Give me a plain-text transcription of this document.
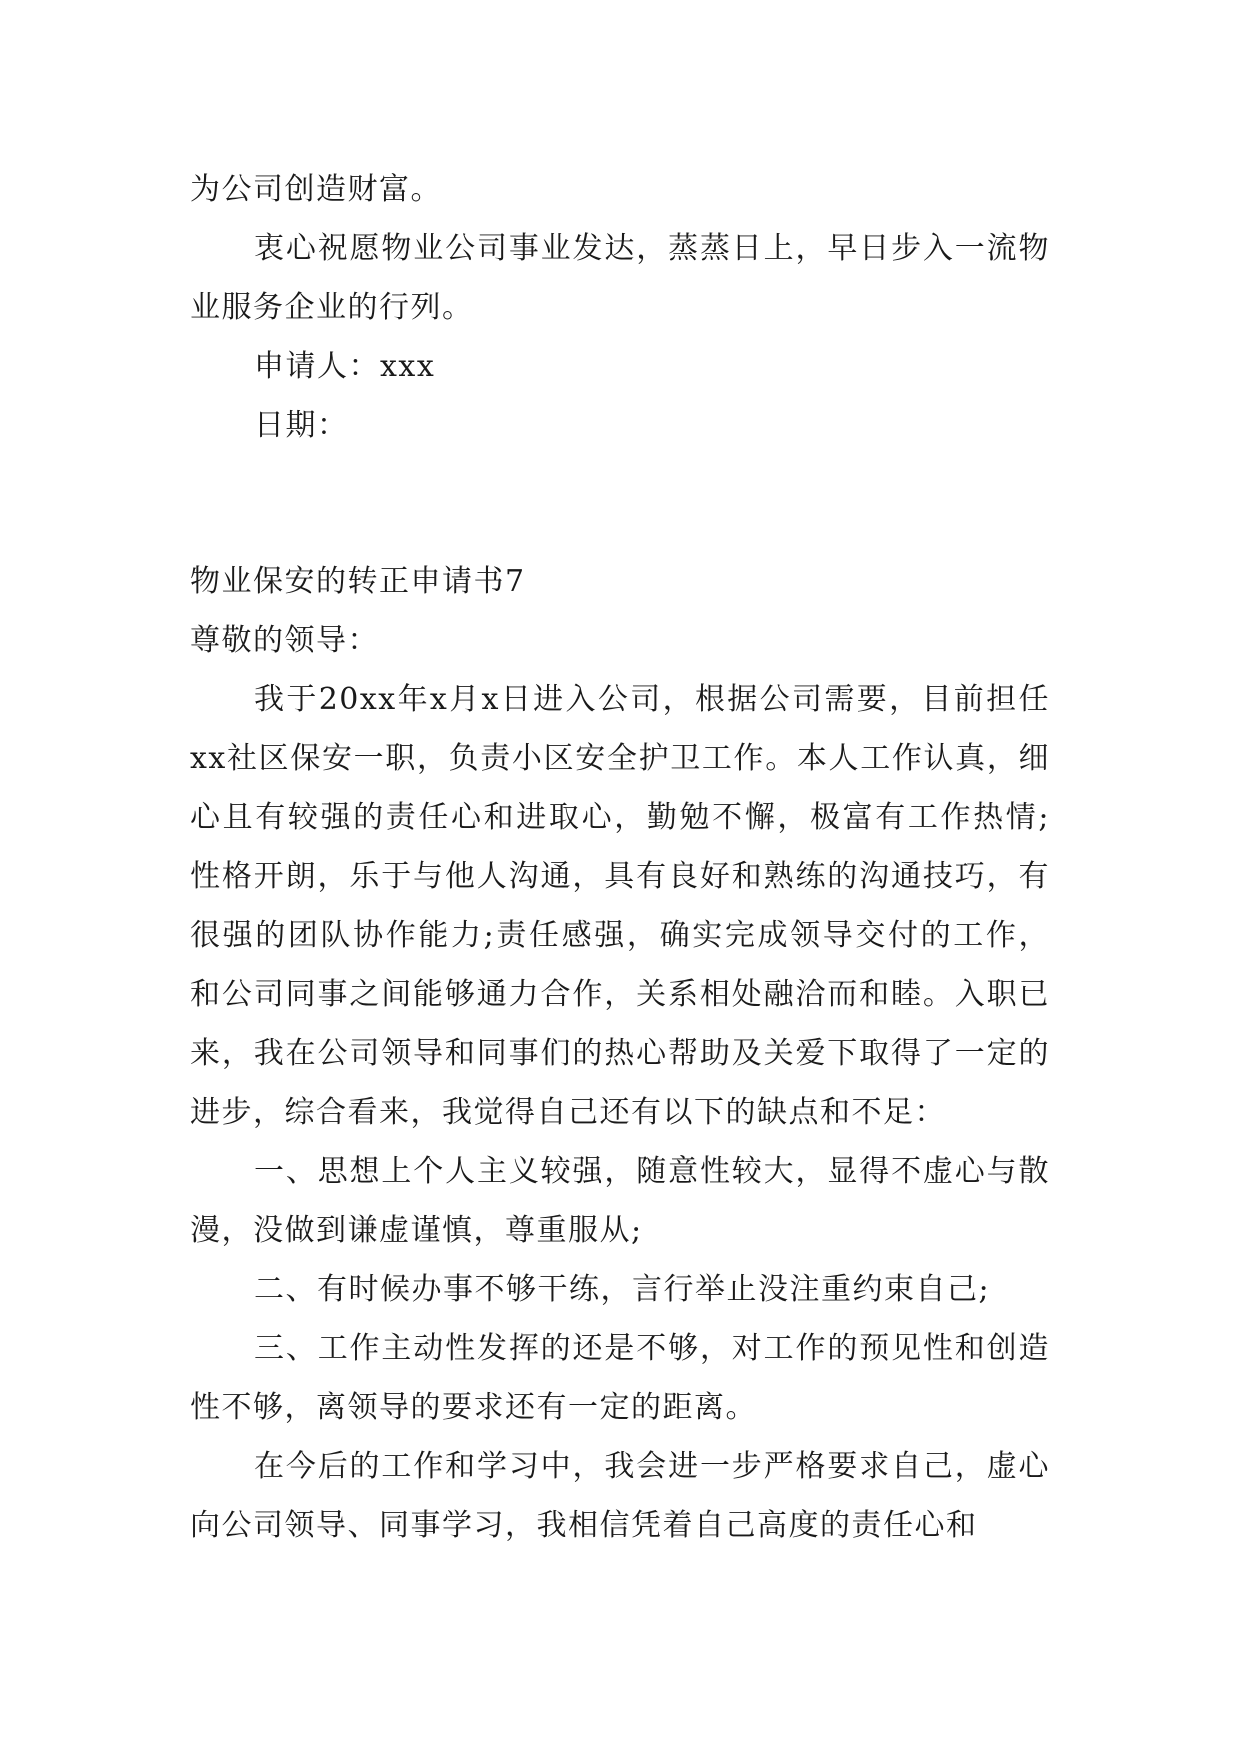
为公司创造财富。

衷心祝愿物业公司事业发达，蒸蒸日上，早日步入一流物业服务企业的行列。

申请人：xxx

日期：

物业保安的转正申请书7

尊敬的领导：

我于20xx年x月x日进入公司，根据公司需要，目前担任xx社区保安一职，负责小区安全护卫工作。本人工作认真，细心且有较强的责任心和进取心，勤勉不懈，极富有工作热情;性格开朗，乐于与他人沟通，具有良好和熟练的沟通技巧，有很强的团队协作能力;责任感强，确实完成领导交付的工作，和公司同事之间能够通力合作，关系相处融洽而和睦。入职已来，我在公司领导和同事们的热心帮助及关爱下取得了一定的进步，综合看来，我觉得自己还有以下的缺点和不足：

一、思想上个人主义较强，随意性较大，显得不虚心与散漫，没做到谦虚谨慎，尊重服从;

二、有时候办事不够干练，言行举止没注重约束自己;

三、工作主动性发挥的还是不够，对工作的预见性和创造性不够，离领导的要求还有一定的距离。

在今后的工作和学习中，我会进一步严格要求自己，虚心向公司领导、同事学习，我相信凭着自己高度的责任心和
